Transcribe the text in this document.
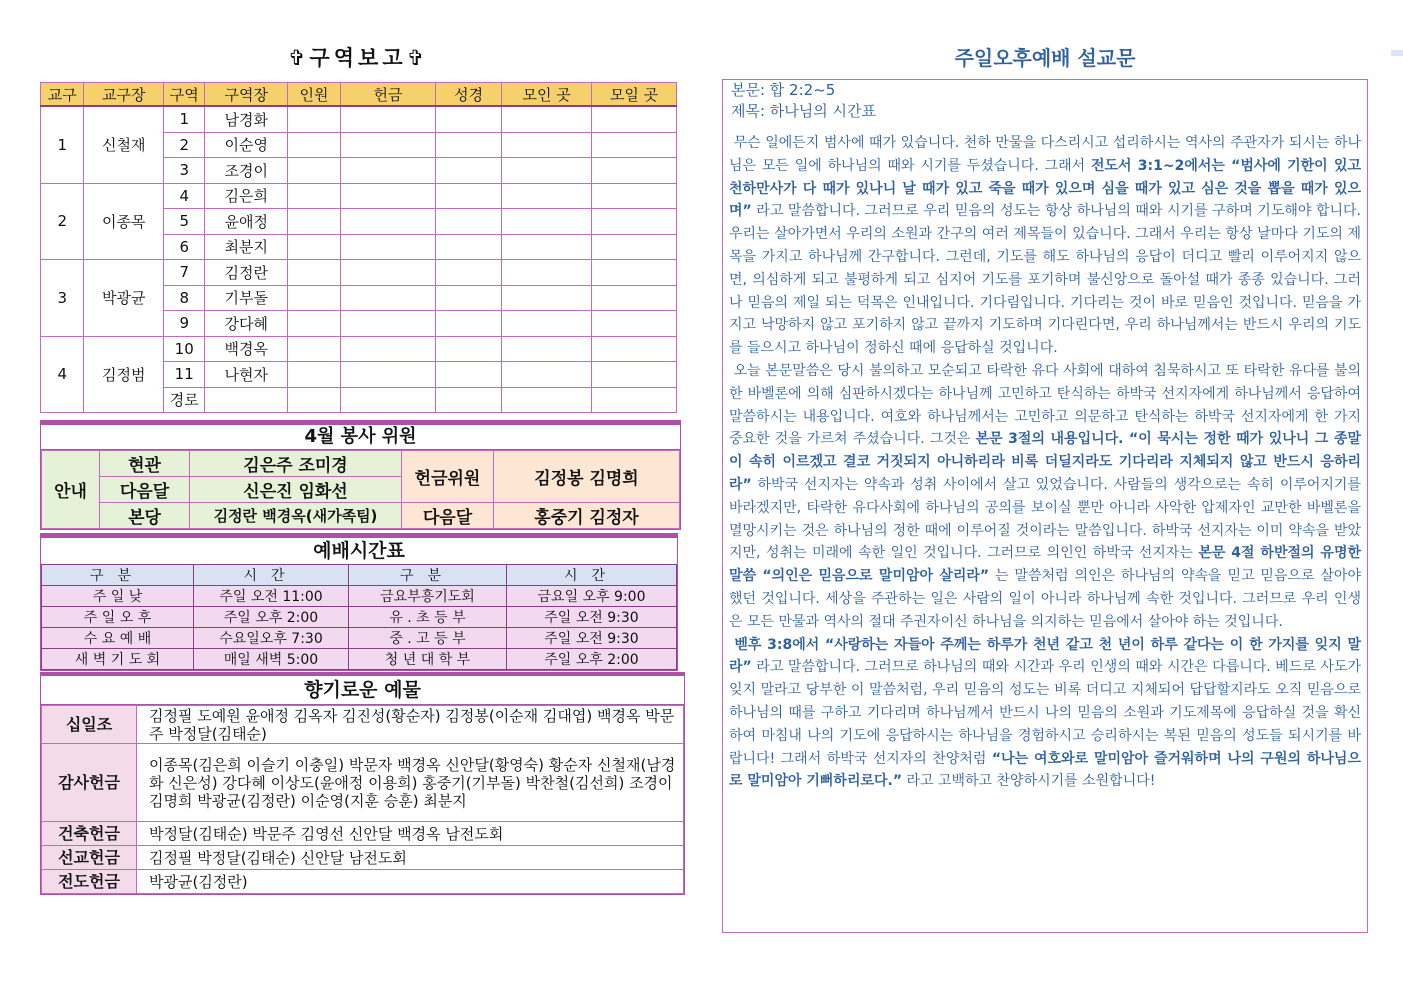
✞구역보고✞
교구	교구장	구역	구역장	인원	헌금	성경	모인 곳	모일 곳
1	신철재	1	남경화					
		2	이순영					
		3	조경이					
2	이종목	4	김은희					
		5	윤애정					
		6	최분지					
3	박광균	7	김정란					
		8	기부돌					
		9	강다혜					
4	김정범	10	백경옥					
		11	나현자					
		경로						
4월 봉사 위원
안내	현관	김은주 조미경	헌금위원	김정봉 김명희
	다음달	신은진 임화선		
	본당	김정란 백경옥(새가족팀)	다음달	홍중기 김정자
예배시간표
구분	시간	구분	시간
주 일 낮	주일 오전 11:00	금요부흥기도회	금요일 오후 9:00
주 일 오 후	주일 오후 2:00	유 . 초 등 부	주일 오전 9:30
수 요 예 배	수요일오후 7:30	중 . 고 등 부	주일 오전 9:30
새 벽 기 도 회	매일 새벽 5:00	청 년 대 학 부	주일 오후 2:00
향기로운 예물
십일조	김정필 도예원 윤애정 김옥자 김진성(황순자) 김정봉(이순재 김대엽) 백경옥 박문주 박정달(김태순)
감사헌금	이종목(김은희 이슬기 이충일) 박문자 백경옥 신안달(황영숙) 황순자 신철재(남경화 신은성) 강다혜 이상도(윤애정 이용희) 홍중기(기부돌) 박찬철(김선희) 조경이 김명희 박광균(김정란) 이순영(지훈 승훈) 최분지
건축헌금	박정달(김태순) 박문주 김영선 신안달 백경옥 남전도회
선교헌금	김정필 박정달(김태순) 신안달 남전도회
전도헌금	박광균(김정란)
주일오후예배 설교문
본문: 합 2:2~5
제목: 하나님의 시간표

무슨 일에든지 범사에 때가 있습니다. 천하 만물을 다스리시고 섭리하시는 역사의 주관자가 되시는 하나님은 모든 일에 하나님의 때와 시기를 두셨습니다. 그래서 전도서 3:1~2에서는 “범사에 기한이 있고 천하만사가 다 때가 있나니 날 때가 있고 죽을 때가 있으며 심을 때가 있고 심은 것을 뽑을 때가 있으며” 라고 말씀합니다. 그러므로 우리 믿음의 성도는 항상 하나님의 때와 시기를 구하며 기도해야 합니다. 우리는 살아가면서 우리의 소원과 간구의 여러 제목들이 있습니다. 그래서 우리는 항상 날마다 기도의 제목을 가지고 하나님께 간구합니다. 그런데, 기도를 해도 하나님의 응답이 더디고 빨리 이루어지지 않으면, 의심하게 되고 불평하게 되고 심지어 기도를 포기하며 불신앙으로 돌아설 때가 종종 있습니다. 그러나 믿음의 제일 되는 덕목은 인내입니다. 기다림입니다. 기다리는 것이 바로 믿음인 것입니다. 믿음을 가지고 낙망하지 않고 포기하지 않고 끝까지 기도하며 기다린다면, 우리 하나님께서는 반드시 우리의 기도를 들으시고 하나님이 정하신 때에 응답하실 것입니다.

오늘 본문말씀은 당시 불의하고 모순되고 타락한 유다 사회에 대하여 침묵하시고 또 타락한 유다를 불의한 바벨론에 의해 심판하시겠다는 하나님께 고민하고 탄식하는 하박국 선지자에게 하나님께서 응답하여 말씀하시는 내용입니다. 여호와 하나님께서는 고민하고 의문하고 탄식하는 하박국 선지자에게 한 가지 중요한 것을 가르쳐 주셨습니다. 그것은 본문 3절의 내용입니다. “이 묵시는 정한 때가 있나니 그 종말이 속히 이르겠고 결코 거짓되지 아니하리라 비록 더딜지라도 기다리라 지체되지 않고 반드시 응하리라” 하박국 선지자는 약속과 성취 사이에서 살고 있었습니다. 사람들의 생각으로는 속히 이루어지기를 바라겠지만, 타락한 유다사회에 하나님의 공의를 보이실 뿐만 아니라 사악한 압제자인 교만한 바벨론을 멸망시키는 것은 하나님의 정한 때에 이루어질 것이라는 말씀입니다. 하박국 선지자는 이미 약속을 받았지만, 성취는 미래에 속한 일인 것입니다. 그러므로 의인인 하박국 선지자는 본문 4절 하반절의 유명한 말씀 “의인은 믿음으로 말미암아 살리라” 는 말씀처럼 의인은 하나님의 약속을 믿고 믿음으로 살아야 했던 것입니다. 세상을 주관하는 일은 사람의 일이 아니라 하나님께 속한 것입니다. 그러므로 우리 인생은 모든 만물과 역사의 절대 주권자이신 하나님을 의지하는 믿음에서 살아야 하는 것입니다.

벧후 3:8에서 “사랑하는 자들아 주께는 하루가 천년 같고 천 년이 하루 같다는 이 한 가지를 잊지 말라” 라고 말씀합니다. 그러므로 하나님의 때와 시간과 우리 인생의 때와 시간은 다릅니다. 베드로 사도가 잊지 말라고 당부한 이 말씀처럼, 우리 믿음의 성도는 비록 더디고 지체되어 답답할지라도 오직 믿음으로 하나님의 때를 구하고 기다리며 하나님께서 반드시 나의 믿음의 소원과 기도제목에 응답하실 것을 확신하여 마침내 나의 기도에 응답하시는 하나님을 경험하시고 승리하시는 복된 믿음의 성도들 되시기를 바랍니다! 그래서 하박국 선지자의 찬양처럼 “나는 여호와로 말미암아 즐거워하며 나의 구원의 하나님으로 말미암아 기뻐하리로다.” 라고 고백하고 찬양하시기를 소원합니다!
